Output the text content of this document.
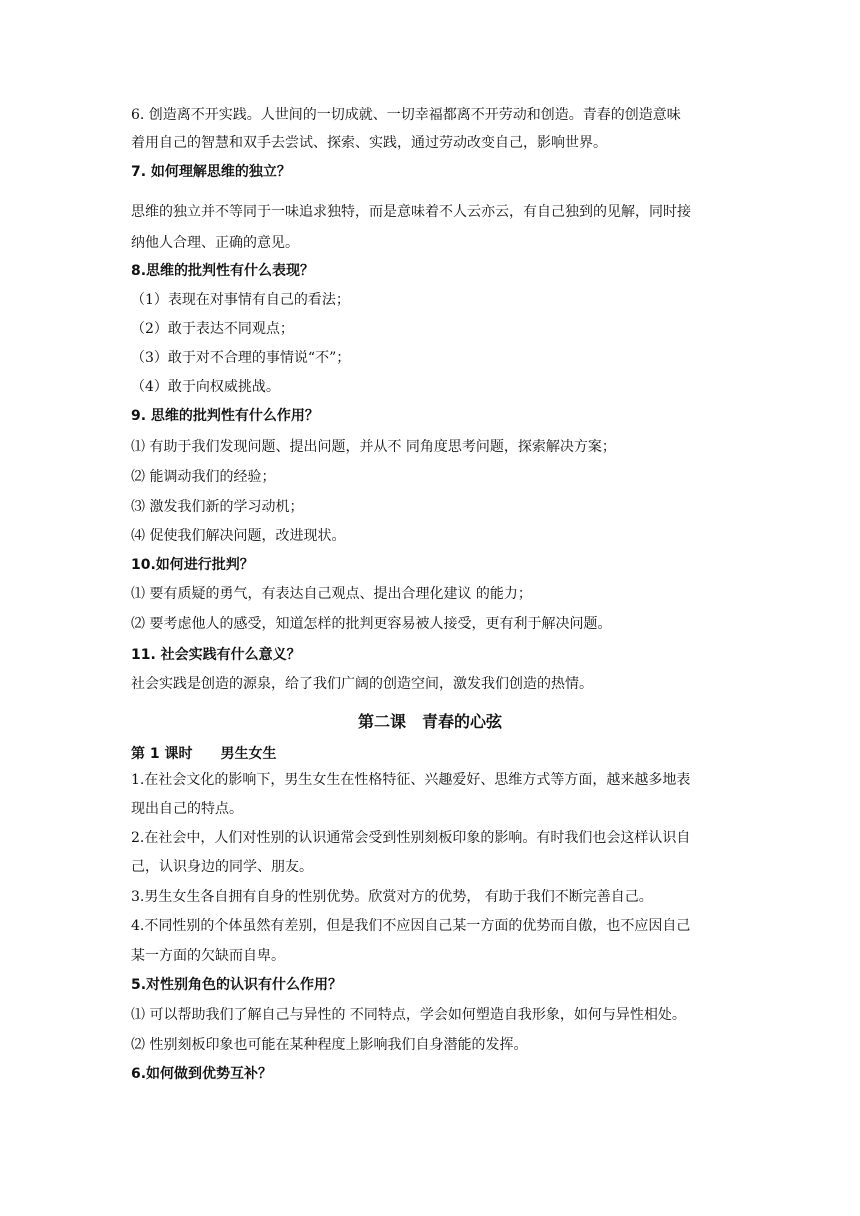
6. 创造离不开实践。人世间的一切成就、一切幸福都离不开劳动和创造。青春的创造意味
着用自己的智慧和双手去尝试、探索、实践，通过劳动改变自己，影响世界。
7. 如何理解思维的独立？
思维的独立并不等同于一味追求独特，而是意味着不人云亦云，有自己独到的见解，同时接
纳他人合理、正确的意见。
8.思维的批判性有什么表现？
（1）表现在对事情有自己的看法；
（2）敢于表达不同观点；
（3）敢于对不合理的事情说“不”；
（4）敢于向权威挑战。
9. 思维的批判性有什么作用？
⑴ 有助于我们发现问题、提出问题，并从不 同角度思考问题，探索解决方案；
⑵ 能调动我们的经验；
⑶ 激发我们新的学习动机；
⑷ 促使我们解决问题，改进现状。
10.如何进行批判？
⑴ 要有质疑的勇气，有表达自己观点、提出合理化建议 的能力；
⑵ 要考虑他人的感受，知道怎样的批判更容易被人接受，更有利于解决问题。
11. 社会实践有什么意义？
社会实践是创造的源泉，给了我们广阔的创造空间，激发我们创造的热情。
第二课　青春的心弦
第 1 课时　　男生女生
1.在社会文化的影响下，男生女生在性格特征、兴趣爱好、思维方式等方面，越来越多地表
现出自己的特点。
2.在社会中，人们对性别的认识通常会受到性别刻板印象的影响。有时我们也会这样认识自
己，认识身边的同学、朋友。
3.男生女生各自拥有自身的性别优势。欣赏对方的优势， 有助于我们不断完善自己。
4.不同性别的个体虽然有差别，但是我们不应因自己某一方面的优势而自傲，也不应因自己
某一方面的欠缺而自卑。
5.对性别角色的认识有什么作用？
⑴ 可以帮助我们了解自己与异性的 不同特点，学会如何塑造自我形象，如何与异性相处。
⑵ 性别刻板印象也可能在某种程度上影响我们自身潜能的发挥。
6.如何做到优势互补？
